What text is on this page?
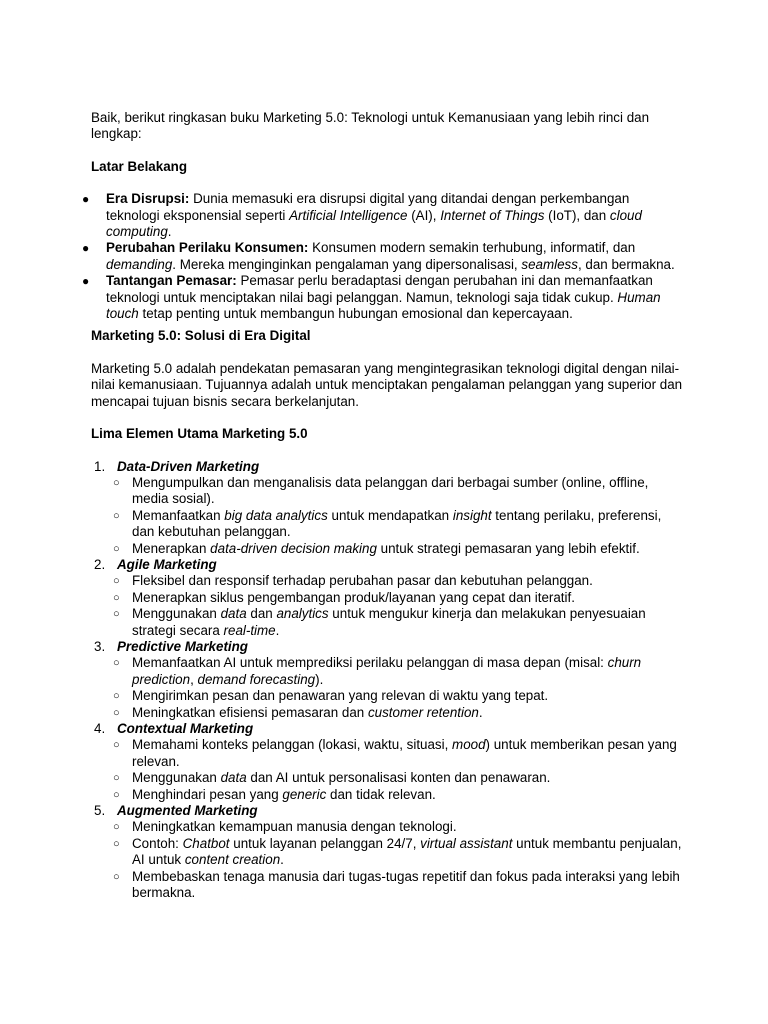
Baik, berikut ringkasan buku Marketing 5.0: Teknologi untuk Kemanusiaan yang lebih rinci dan lengkap:

Latar Belakang

● Era Disrupsi: Dunia memasuki era disrupsi digital yang ditandai dengan perkembangan teknologi eksponensial seperti Artificial Intelligence (AI), Internet of Things (IoT), dan cloud computing.
● Perubahan Perilaku Konsumen: Konsumen modern semakin terhubung, informatif, dan demanding. Mereka menginginkan pengalaman yang dipersonalisasi, seamless, dan bermakna.
● Tantangan Pemasar: Pemasar perlu beradaptasi dengan perubahan ini dan memanfaatkan teknologi untuk menciptakan nilai bagi pelanggan. Namun, teknologi saja tidak cukup. Human touch tetap penting untuk membangun hubungan emosional dan kepercayaan.

Marketing 5.0: Solusi di Era Digital

Marketing 5.0 adalah pendekatan pemasaran yang mengintegrasikan teknologi digital dengan nilai-nilai kemanusiaan. Tujuannya adalah untuk menciptakan pengalaman pelanggan yang superior dan mencapai tujuan bisnis secara berkelanjutan.

Lima Elemen Utama Marketing 5.0

1. Data-Driven Marketing
○ Mengumpulkan dan menganalisis data pelanggan dari berbagai sumber (online, offline, media sosial).
○ Memanfaatkan big data analytics untuk mendapatkan insight tentang perilaku, preferensi, dan kebutuhan pelanggan.
○ Menerapkan data-driven decision making untuk strategi pemasaran yang lebih efektif.
2. Agile Marketing
○ Fleksibel dan responsif terhadap perubahan pasar dan kebutuhan pelanggan.
○ Menerapkan siklus pengembangan produk/layanan yang cepat dan iteratif.
○ Menggunakan data dan analytics untuk mengukur kinerja dan melakukan penyesuaian strategi secara real-time.
3. Predictive Marketing
○ Memanfaatkan AI untuk memprediksi perilaku pelanggan di masa depan (misal: churn prediction, demand forecasting).
○ Mengirimkan pesan dan penawaran yang relevan di waktu yang tepat.
○ Meningkatkan efisiensi pemasaran dan customer retention.
4. Contextual Marketing
○ Memahami konteks pelanggan (lokasi, waktu, situasi, mood) untuk memberikan pesan yang relevan.
○ Menggunakan data dan AI untuk personalisasi konten dan penawaran.
○ Menghindari pesan yang generic dan tidak relevan.
5. Augmented Marketing
○ Meningkatkan kemampuan manusia dengan teknologi.
○ Contoh: Chatbot untuk layanan pelanggan 24/7, virtual assistant untuk membantu penjualan, AI untuk content creation.
○ Membebaskan tenaga manusia dari tugas-tugas repetitif dan fokus pada interaksi yang lebih bermakna.
